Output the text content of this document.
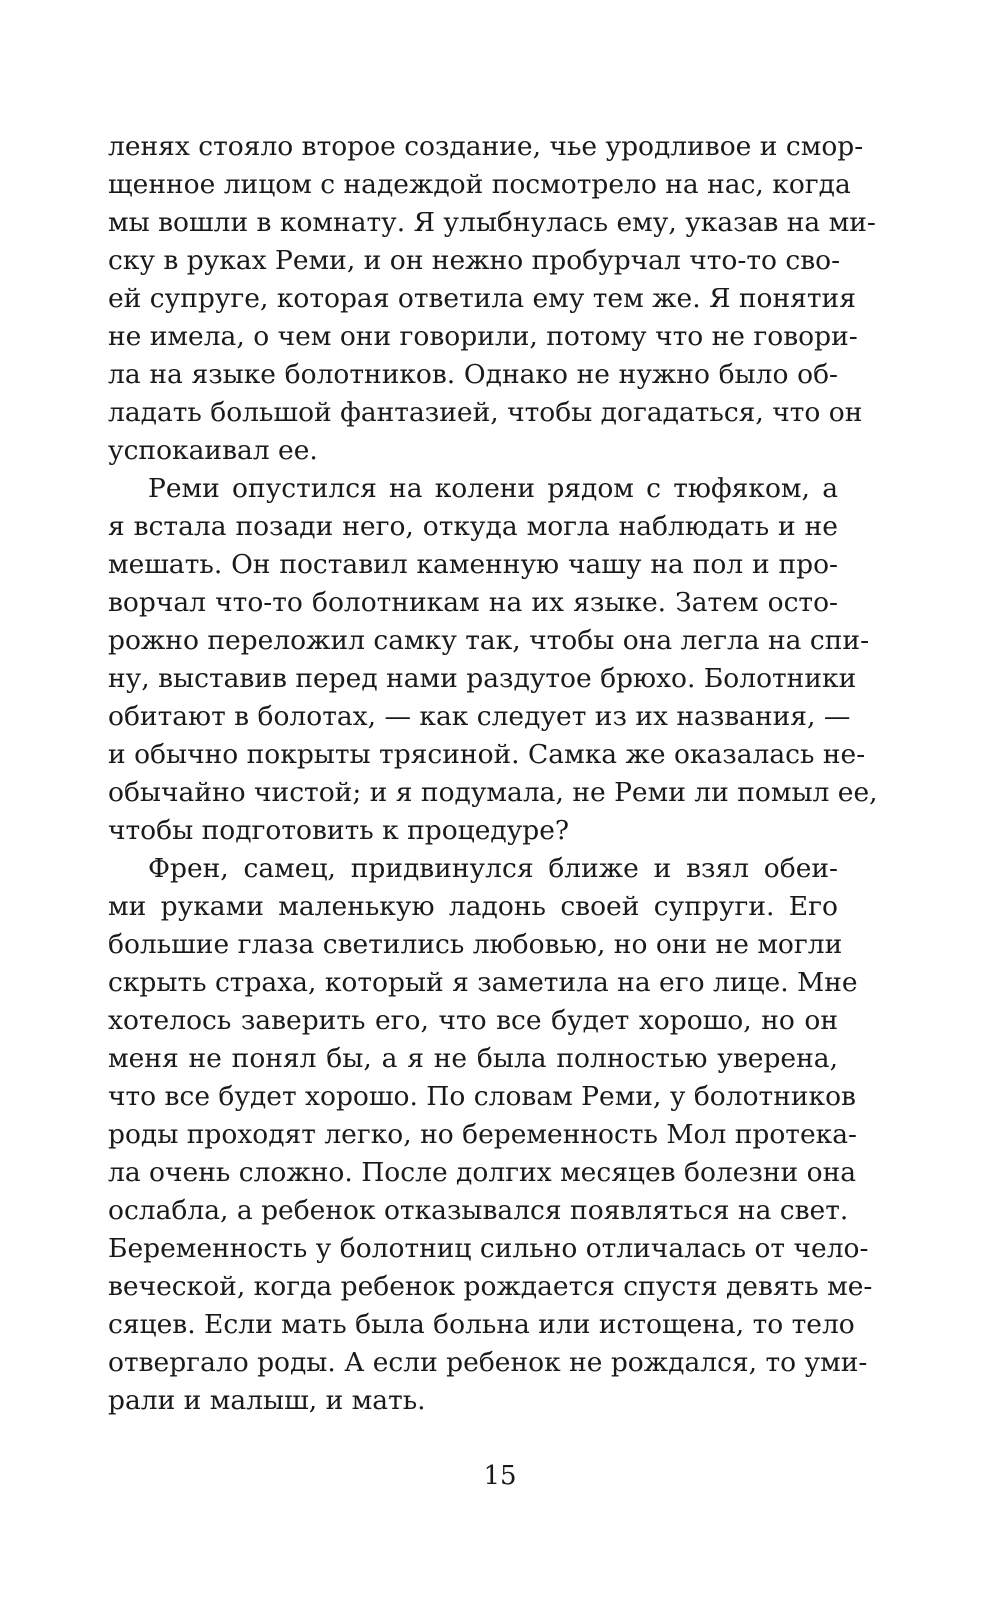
ленях стояло второе создание, чье уродливое и смор-
щенное лицом с надеждой посмотрело на нас, когда
мы вошли в комнату. Я улыбнулась ему, указав на ми-
ску в руках Реми, и он нежно пробурчал что-то сво-
ей супруге, которая ответила ему тем же. Я понятия
не имела, о чем они говорили, потому что не говори-
ла на языке болотников. Однако не нужно было об-
ладать большой фантазией, чтобы догадаться, что он
успокаивал ее.
Реми опустился на колени рядом с тюфяком, а
я встала позади него, откуда могла наблюдать и не
мешать. Он поставил каменную чашу на пол и про-
ворчал что-то болотникам на их языке. Затем осто-
рожно переложил самку так, чтобы она легла на спи-
ну, выставив перед нами раздутое брюхо. Болотники
обитают в болотах, — как следует из их названия, —
и обычно покрыты трясиной. Самка же оказалась не-
обычайно чистой; и я подумала, не Реми ли помыл ее,
чтобы подготовить к процедуре?
Френ, самец, придвинулся ближе и взял обеи-
ми руками маленькую ладонь своей супруги. Его
большие глаза светились любовью, но они не могли
скрыть страха, который я заметила на его лице. Мне
хотелось заверить его, что все будет хорошо, но он
меня не понял бы, а я не была полностью уверена,
что все будет хорошо. По словам Реми, у болотников
роды проходят легко, но беременность Мол протека-
ла очень сложно. После долгих месяцев болезни она
ослабла, а ребенок отказывался появляться на свет.
Беременность у болотниц сильно отличалась от чело-
веческой, когда ребенок рождается спустя девять ме-
сяцев. Если мать была больна или истощена, то тело
отвергало роды. А если ребенок не рождался, то уми-
рали и малыш, и мать.
15
